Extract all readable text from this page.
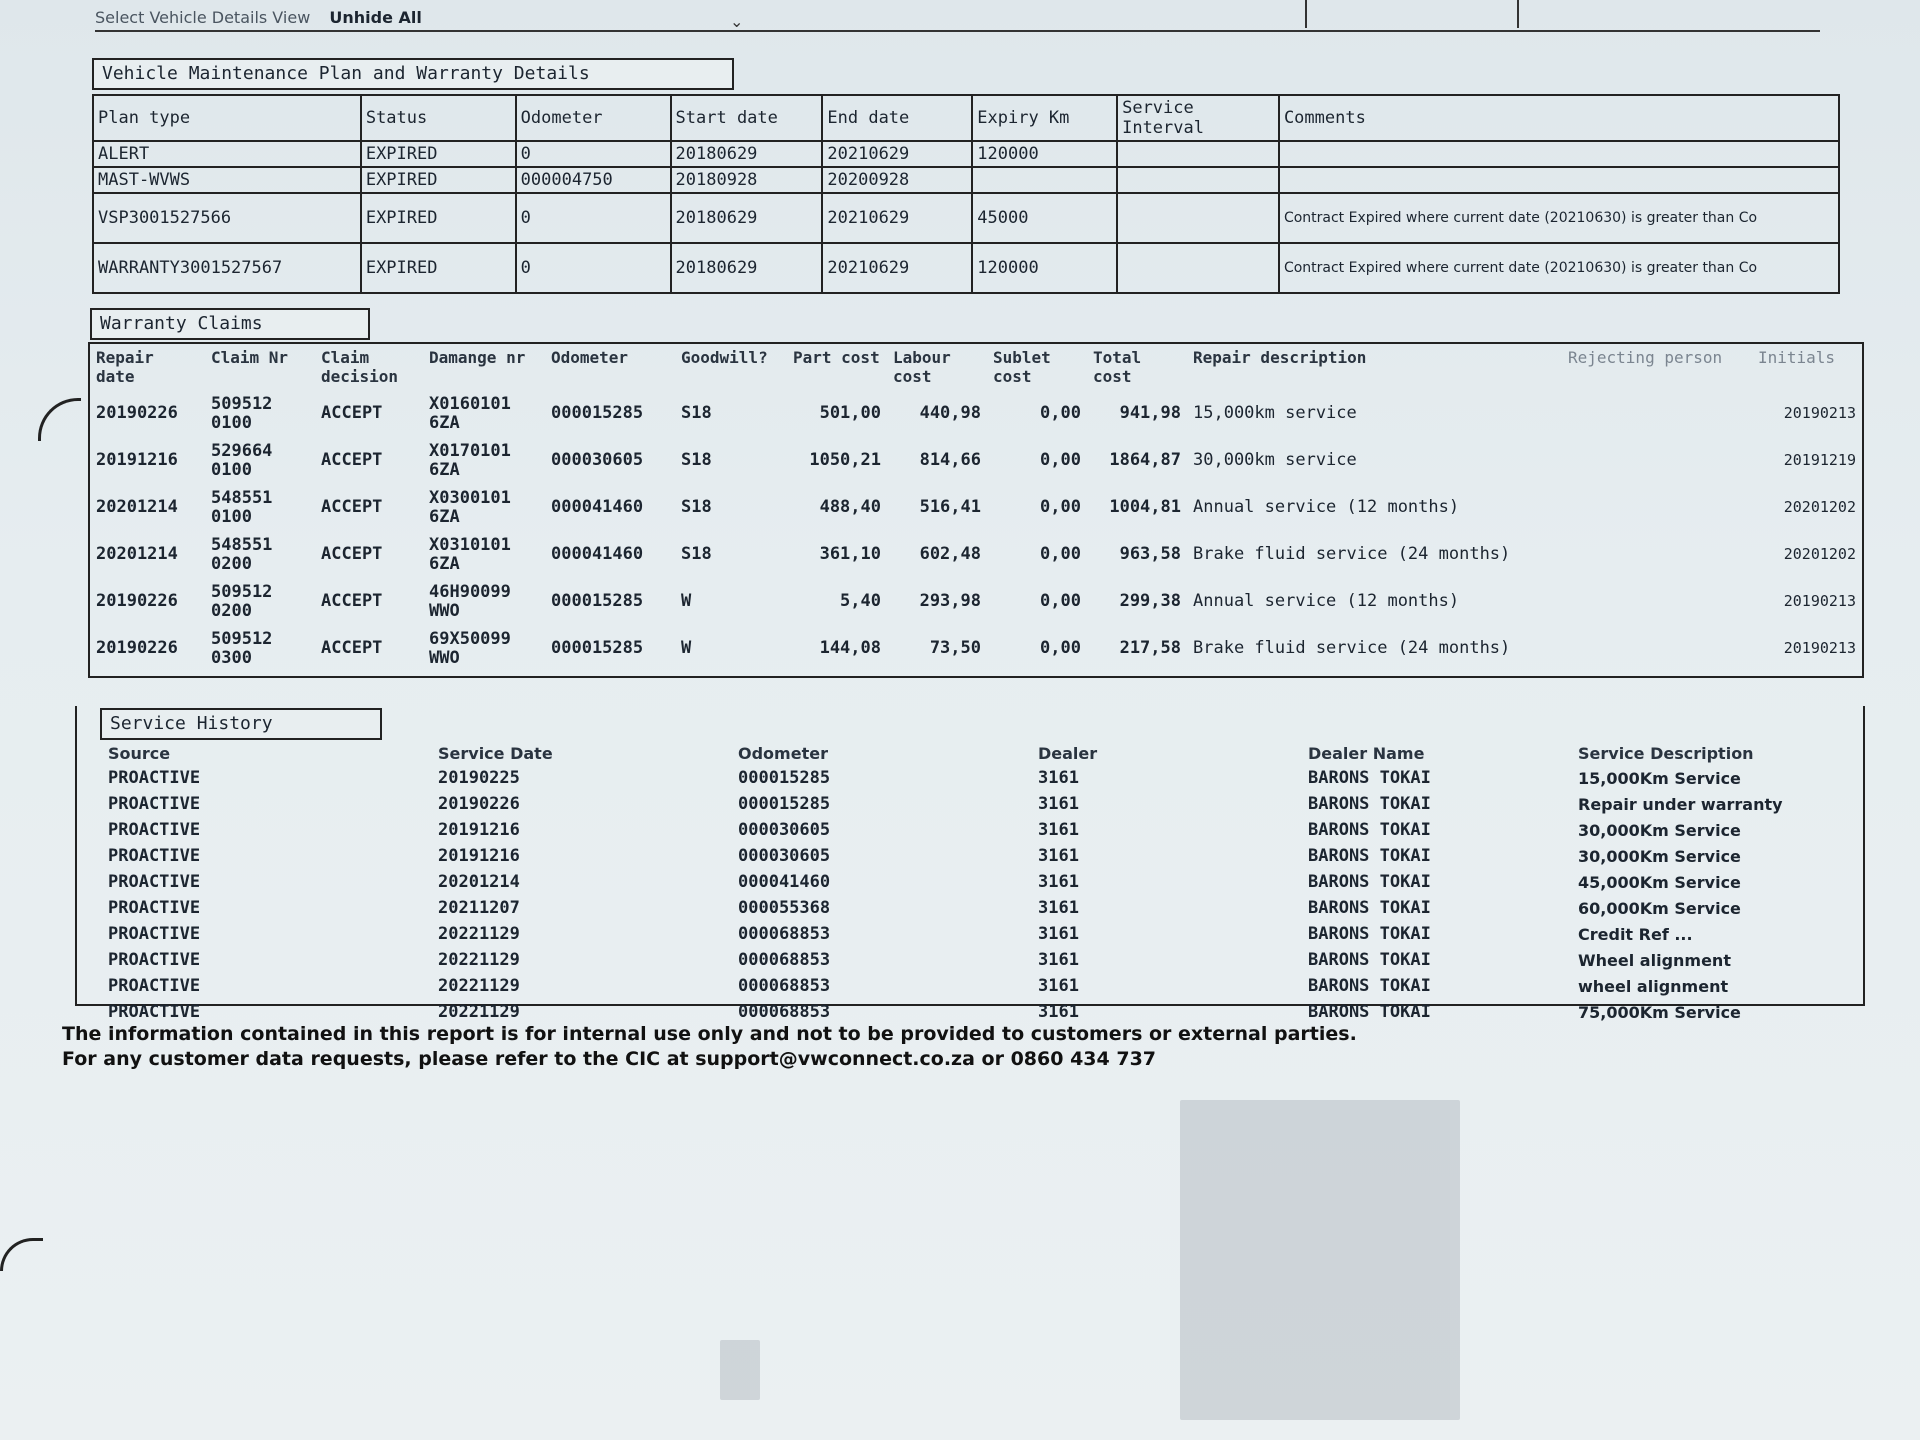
Select Vehicle Details View Unhide All	⌄
Vehicle Maintenance Plan and Warranty Details
Plan type	Status	Odometer	Start date	End date	Expiry Km	Service Interval	Comments
ALERT	EXPIRED	0	20180629	20210629	120000		
MAST-WVWS	EXPIRED	000004750	20180928	20200928			
VSP3001527566	EXPIRED	0	20180629	20210629	45000		Contract Expired where current date (20210630) is greater than Co
WARRANTY3001527567	EXPIRED	0	20180629	20210629	120000		Contract Expired where current date (20210630) is greater than Co
Warranty Claims
Repair date	Claim Nr	Claim decision	Damange nr	Odometer	Goodwill?	Part cost	Labour cost	Sublet cost	Total cost	Repair description	Rejecting person	Initials
20190226	509512 0100	ACCEPT	X0160101 6ZA	000015285	S18	501,00	440,98	0,00	941,98	15,000km service		20190213
20191216	529664 0100	ACCEPT	X0170101 6ZA	000030605	S18	1050,21	814,66	0,00	1864,87	30,000km service		20191219
20201214	548551 0100	ACCEPT	X0300101 6ZA	000041460	S18	488,40	516,41	0,00	1004,81	Annual service (12 months)		20201202
20201214	548551 0200	ACCEPT	X0310101 6ZA	000041460	S18	361,10	602,48	0,00	963,58	Brake fluid service (24 months)		20201202
20190226	509512 0200	ACCEPT	46H90099 WWO	000015285	W	5,40	293,98	0,00	299,38	Annual service (12 months)		20190213
20190226	509512 0300	ACCEPT	69X50099 WWO	000015285	W	144,08	73,50	0,00	217,58	Brake fluid service (24 months)		20190213
Service History
Source	Service Date	Odometer	Dealer	Dealer Name	Service Description
PROACTIVE	20190225	000015285	3161	BARONS TOKAI	15,000Km Service
PROACTIVE	20190226	000015285	3161	BARONS TOKAI	Repair under warranty
PROACTIVE	20191216	000030605	3161	BARONS TOKAI	30,000Km Service
PROACTIVE	20191216	000030605	3161	BARONS TOKAI	30,000Km Service
PROACTIVE	20201214	000041460	3161	BARONS TOKAI	45,000Km Service
PROACTIVE	20211207	000055368	3161	BARONS TOKAI	60,000Km Service
PROACTIVE	20221129	000068853	3161	BARONS TOKAI	Credit Ref ...
PROACTIVE	20221129	000068853	3161	BARONS TOKAI	Wheel alignment
PROACTIVE	20221129	000068853	3161	BARONS TOKAI	wheel alignment
PROACTIVE	20221129	000068853	3161	BARONS TOKAI	75,000Km Service
The information contained in this report is for internal use only and not to be provided to customers or external parties.
For any customer data requests, please refer to the CIC at support@vwconnect.co.za or 0860 434 737
